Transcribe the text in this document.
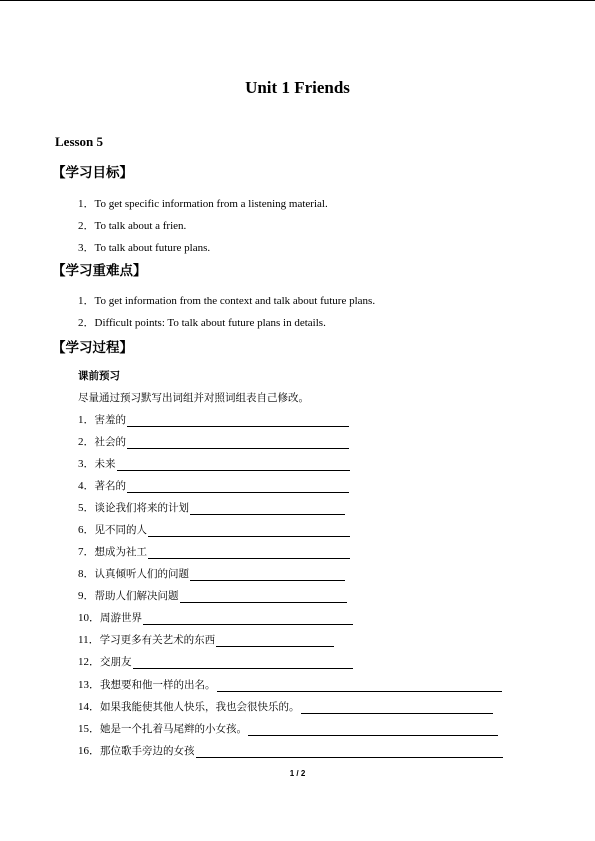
Unit 1 Friends
Lesson 5
【学习目标】
1．To get specific information from a listening material.
2．To talk about a frien.
3．To talk about future plans.
【学习重难点】
1．To get information from the context and talk about future plans.
2．Difficult points: To talk about future plans in details.
【学习过程】
课前预习
尽量通过预习默写出词组并对照词组表自己修改。
1． 害羞的
2． 社会的
3． 未来
4． 著名的
5． 谈论我们将来的计划
6． 见不同的人
7． 想成为社工
8． 认真倾听人们的问题
9． 帮助人们解决问题
10． 周游世界
11． 学习更多有关艺术的东西
12． 交朋友
13． 我想要和他一样的出名。
14． 如果我能使其他人快乐，我也会很快乐的。
15． 她是一个扎着马尾辫的小女孩。
16． 那位歌手旁边的女孩
1 / 2
